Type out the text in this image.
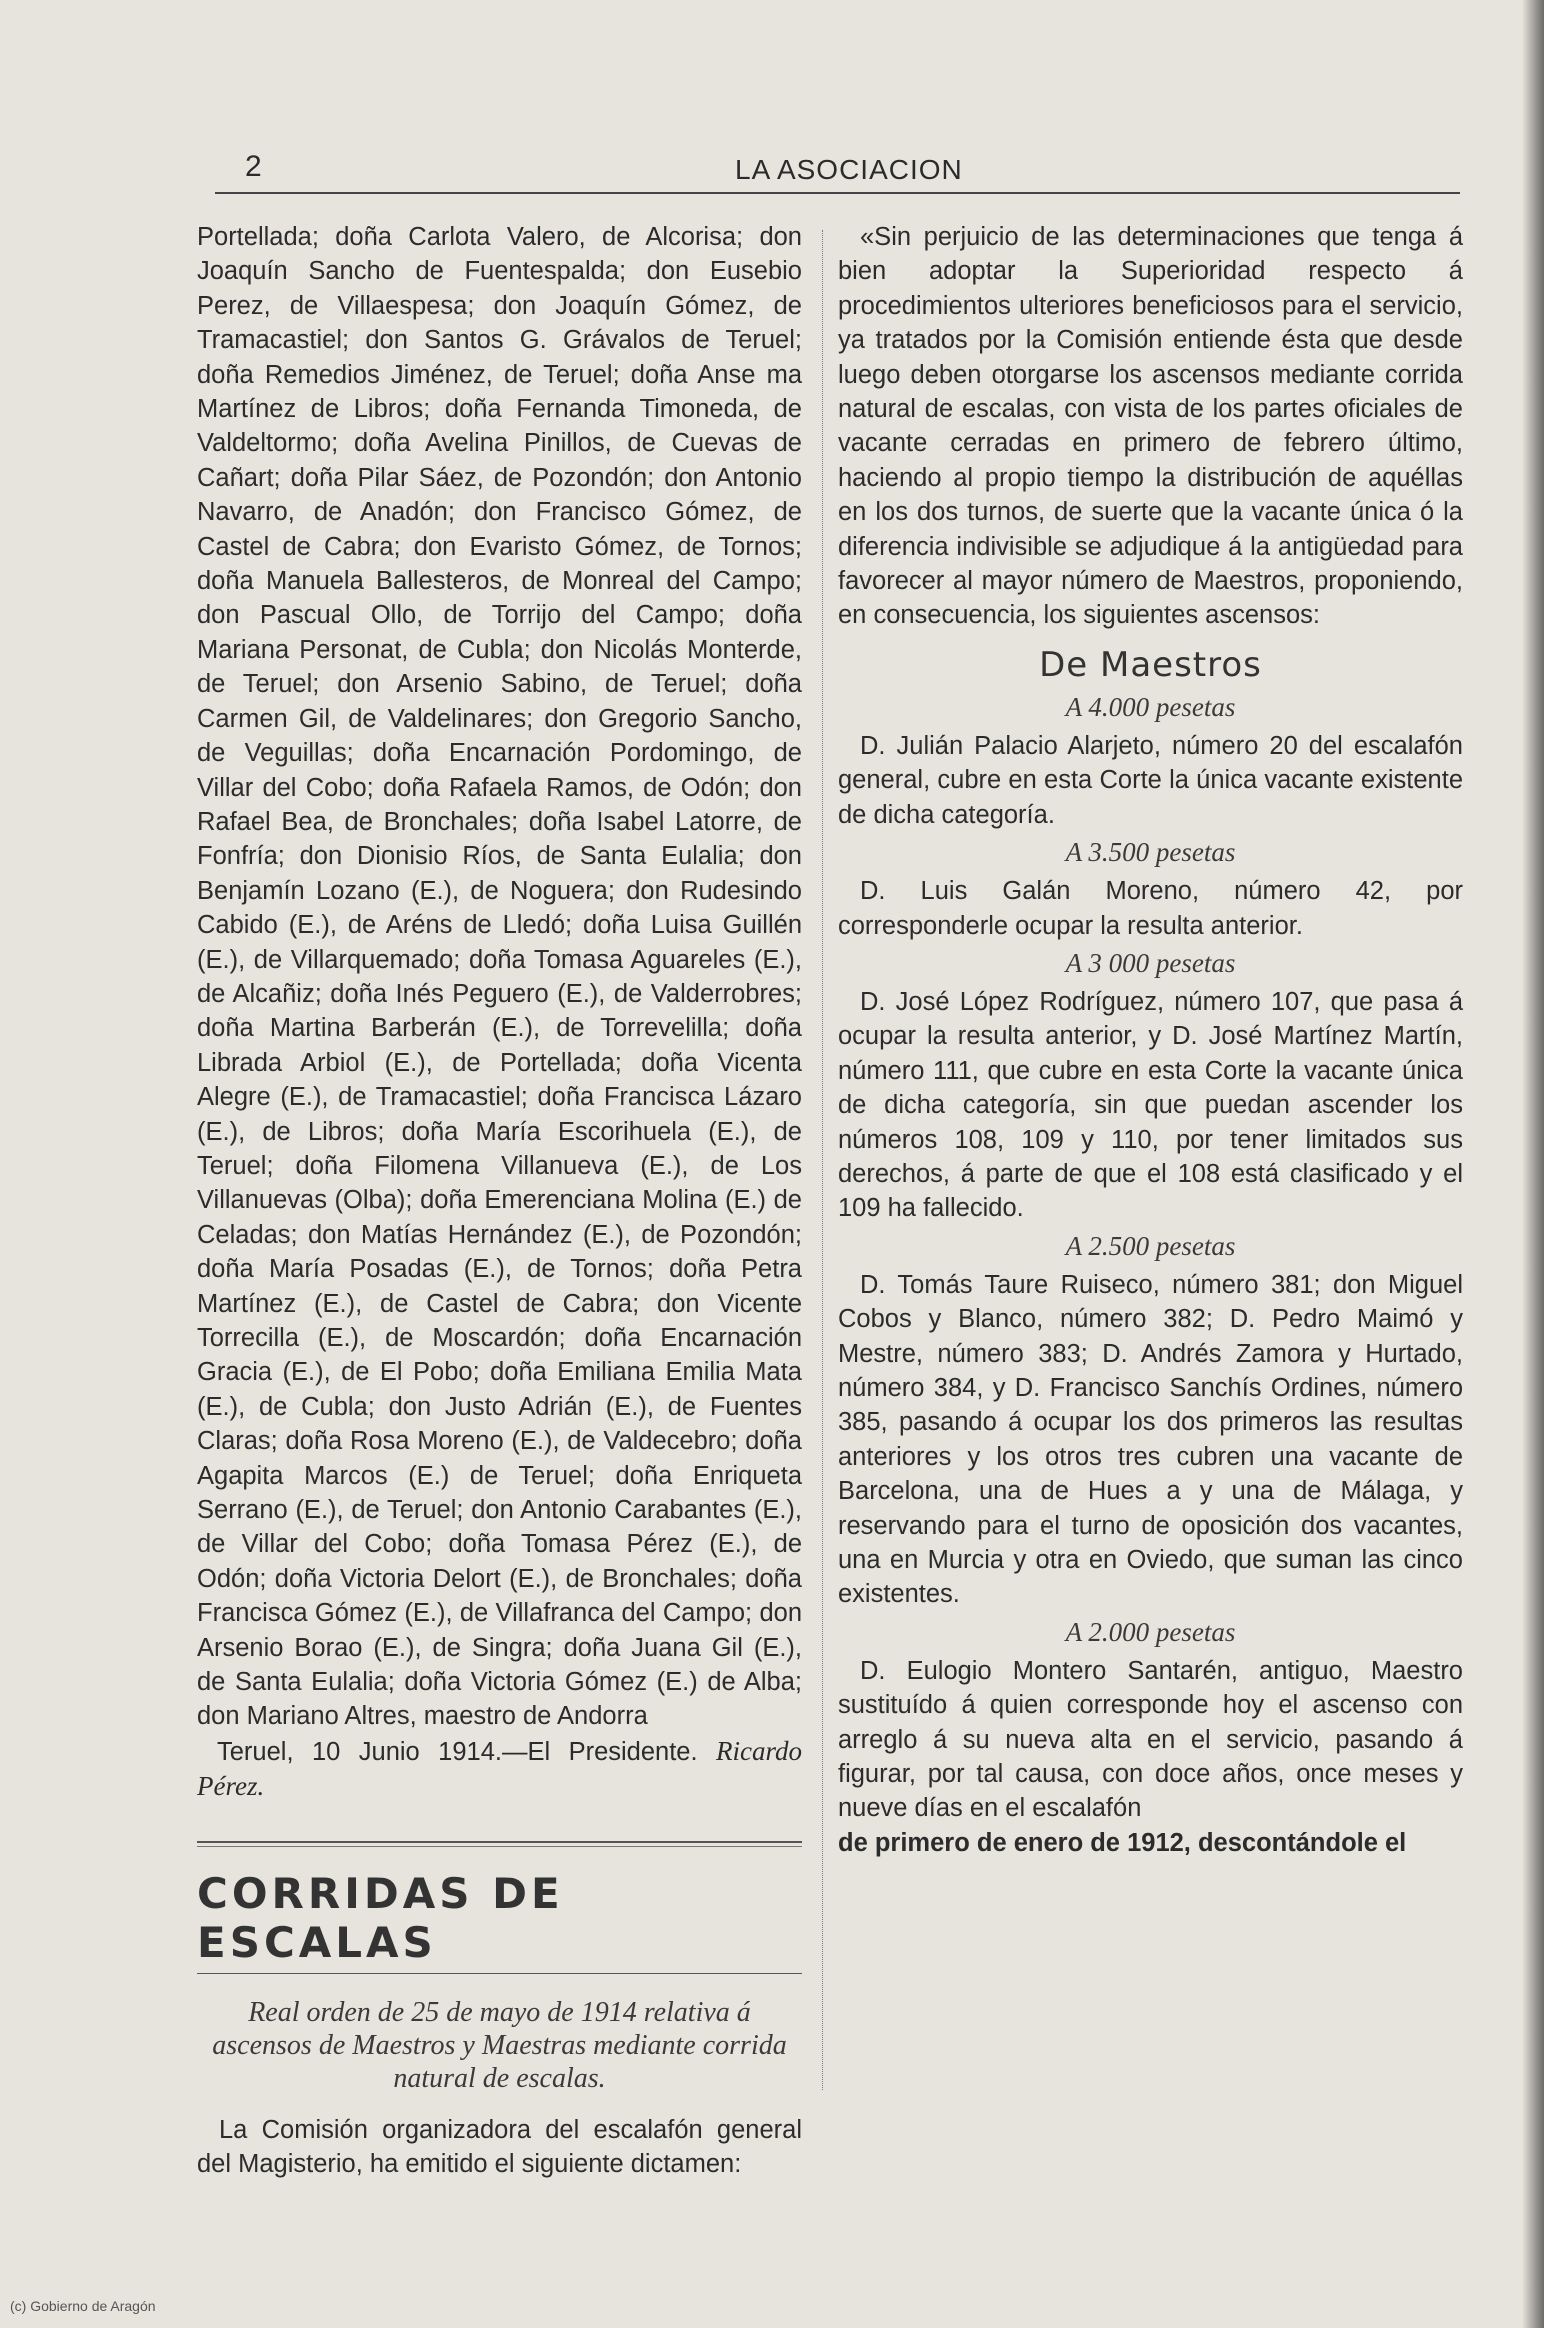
2	LA ASOCIACION

Portellada; doña Carlota Valero, de Alcorisa; don Joaquín Sancho de Fuentespalda; don Eusebio Perez, de Villaespesa; don Joaquín Gómez, de Tramacastiel; don Santos G. Grávalos de Teruel; doña Remedios Jiménez, de Teruel; doña Anse ma Martínez de Libros; doña Fernanda Timoneda, de Valdeltormo; doña Avelina Pinillos, de Cuevas de Cañart; doña Pilar Sáez, de Pozondón; don Antonio Navarro, de Anadón; don Francisco Gómez, de Castel de Cabra; don Evaristo Gómez, de Tornos; doña Manuela Ballesteros, de Monreal del Campo; don Pascual Ollo, de Torrijo del Campo; doña Mariana Personat, de Cubla; don Nicolás Monterde, de Teruel; don Arsenio Sabino, de Teruel; doña Carmen Gil, de Valdelinares; don Gregorio Sancho, de Veguillas; doña Encarnación Pordomingo, de Villar del Cobo; doña Rafaela Ramos, de Odón; don Rafael Bea, de Bronchales; doña Isabel Latorre, de Fonfría; don Dionisio Ríos, de Santa Eulalia; don Benjamín Lozano (E.), de Noguera; don Rudesindo Cabido (E.), de Aréns de Lledó; doña Luisa Guillén (E.), de Villarquemado; doña Tomasa Aguareles (E.), de Alcañiz; doña Inés Peguero (E.), de Valderrobres; doña Martina Barberán (E.), de Torrevelilla; doña Librada Arbiol (E.), de Portellada; doña Vicenta Alegre (E.), de Tramacastiel; doña Francisca Lázaro (E.), de Libros; doña María Escorihuela (E.), de Teruel; doña Filomena Villanueva (E.), de Los Villanuevas (Olba); doña Emerenciana Molina (E.) de Celadas; don Matías Hernández (E.), de Pozondón; doña María Posadas (E.), de Tornos; doña Petra Martínez (E.), de Castel de Cabra; don Vicente Torrecilla (E.), de Moscardón; doña Encarnación Gracia (E.), de El Pobo; doña Emiliana Emilia Mata (E.), de Cubla; don Justo Adrián (E.), de Fuentes Claras; doña Rosa Moreno (E.), de Valdecebro; doña Agapita Marcos (E.) de Teruel; doña Enriqueta Serrano (E.), de Teruel; don Antonio Carabantes (E.), de Villar del Cobo; doña Tomasa Pérez (E.), de Odón; doña Victoria Delort (E.), de Bronchales; doña Francisca Gómez (E.), de Villafranca del Campo; don Arsenio Borao (E.), de Singra; doña Juana Gil (E.), de Santa Eulalia; doña Victoria Gómez (E.) de Alba; don Mariano Altres, maestro de Andorra

Teruel, 10 Junio 1914.—El Presidente. Ricardo Pérez.

CORRIDAS DE ESCALAS
Real orden de 25 de mayo de 1914 relativa á ascensos de Maestros y Maestras mediante corrida natural de escalas.

La Comisión organizadora del escalafón general del Magisterio, ha emitido el siguiente dictamen:

«Sin perjuicio de las determinaciones que tenga á bien adoptar la Superioridad respecto á procedimientos ulteriores beneficiosos para el servicio, ya tratados por la Comisión entiende ésta que desde luego deben otorgarse los ascensos mediante corrida natural de escalas, con vista de los partes oficiales de vacante cerradas en primero de febrero último, haciendo al propio tiempo la distribución de aquéllas en los dos turnos, de suerte que la vacante única ó la diferencia indivisible se adjudique á la antigüedad para favorecer al mayor número de Maestros, proponiendo, en consecuencia, los siguientes ascensos:

De Maestros
A 4.000 pesetas

D. Julián Palacio Alarjeto, número 20 del escalafón general, cubre en esta Corte la única vacante existente de dicha categoría.

A 3.500 pesetas

D. Luis Galán Moreno, número 42, por corresponderle ocupar la resulta anterior.

A 3 000 pesetas

D. José López Rodríguez, número 107, que pasa á ocupar la resulta anterior, y D. José Martínez Martín, número 111, que cubre en esta Corte la vacante única de dicha categoría, sin que puedan ascender los números 108, 109 y 110, por tener limitados sus derechos, á parte de que el 108 está clasificado y el 109 ha fallecido.

A 2.500 pesetas

D. Tomás Taure Ruiseco, número 381; don Miguel Cobos y Blanco, número 382; D. Pedro Maimó y Mestre, número 383; D. Andrés Zamora y Hurtado, número 384, y D. Francisco Sanchís Ordines, número 385, pasando á ocupar los dos primeros las resultas anteriores y los otros tres cubren una vacante de Barcelona, una de Hues a y una de Málaga, y reservando para el turno de oposición dos vacantes, una en Murcia y otra en Oviedo, que suman las cinco existentes.

A 2.000 pesetas

D. Eulogio Montero Santarén, antiguo, Maestro sustituído á quien corresponde hoy el ascenso con arreglo á su nueva alta en el servicio, pasando á figurar, por tal causa, con doce años, once meses y nueve días en el escalafón

de primero de enero de 1912, descontándole el

(c) Gobierno de Aragón
